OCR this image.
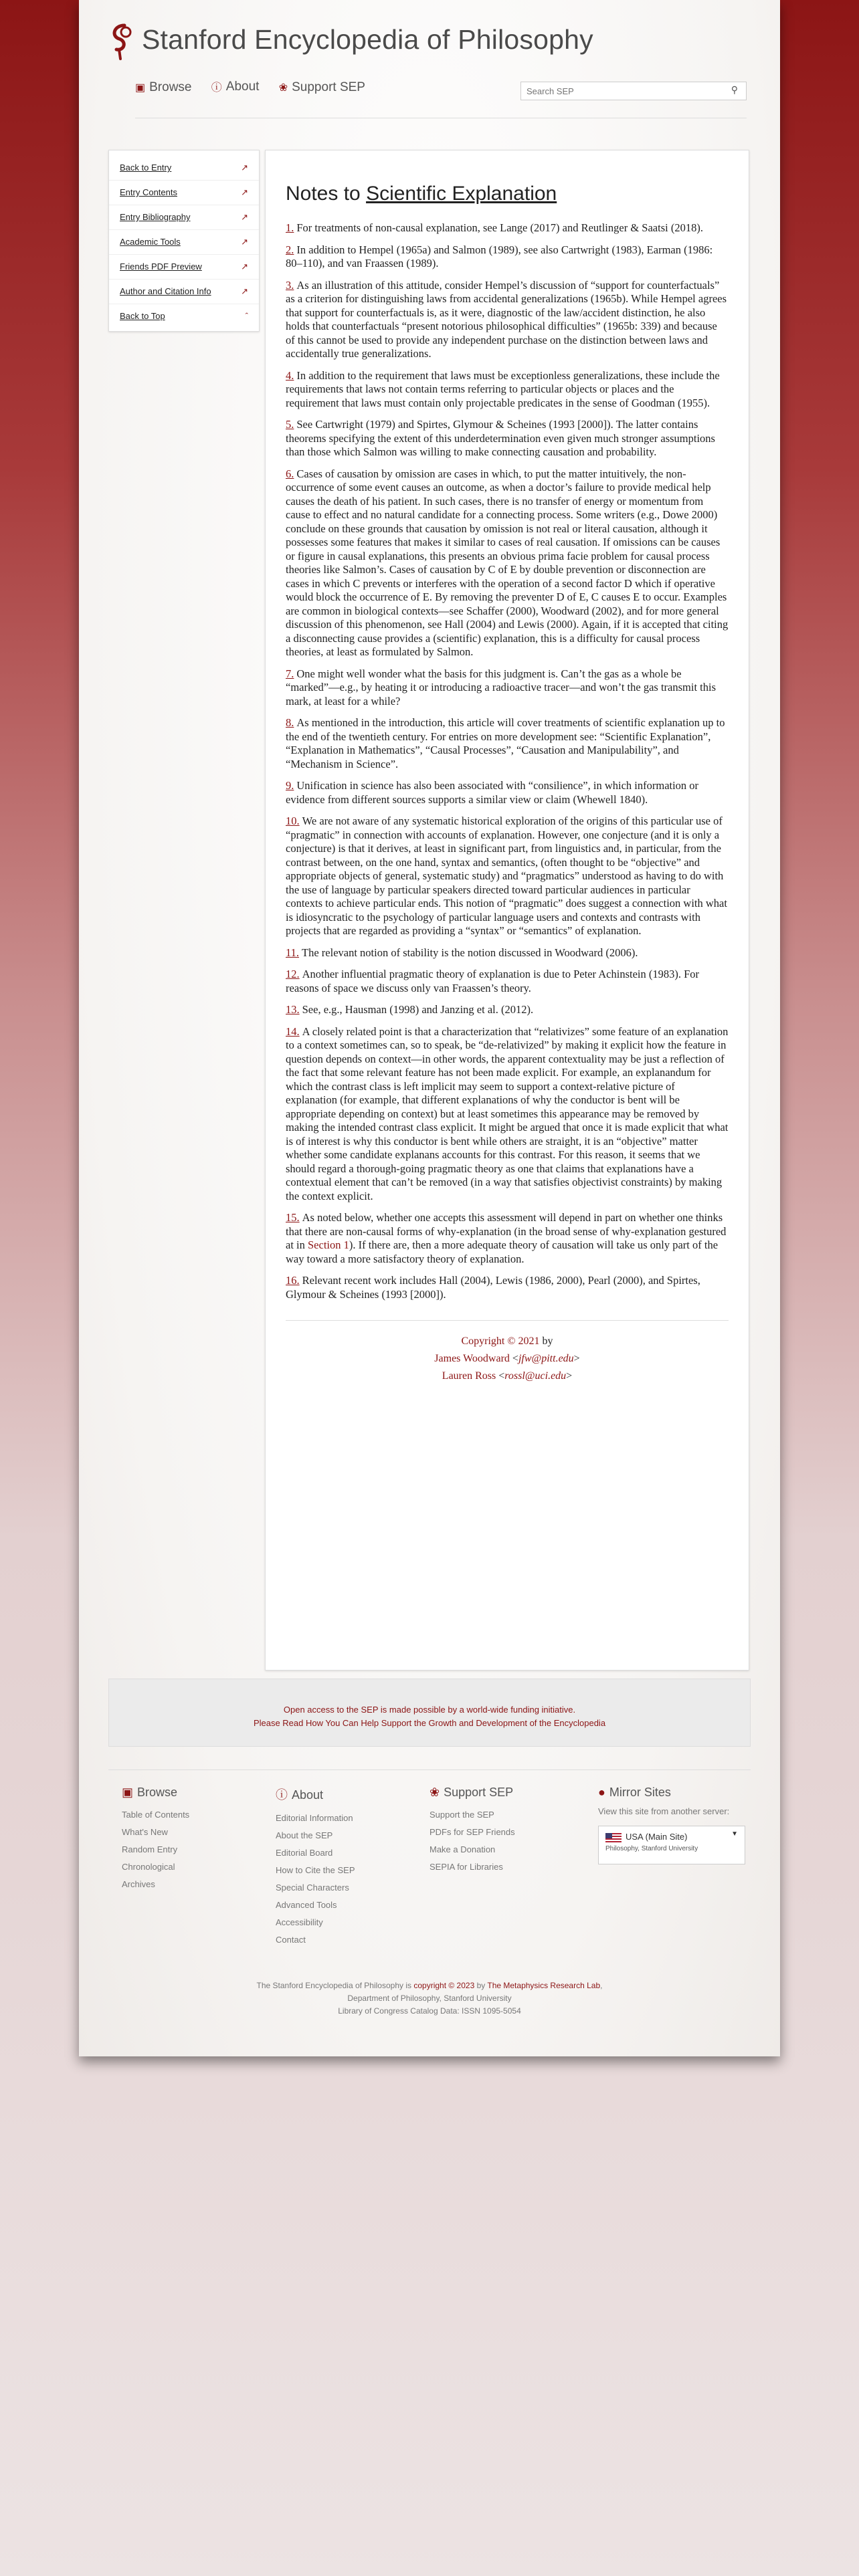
Stanford Encyclopedia of Philosophy
▣ Browse
ⓘ About
❀ Support SEP
Search SEP	⚲
Back to Entry	↗
Entry Contents	↗
Entry Bibliography	↗
Academic Tools	↗
Friends PDF Preview	↗
Author and Citation Info	↗
Back to Top	ˆ
Notes to Scientific Explanation

1. For treatments of non-causal explanation, see Lange (2017) and Reutlinger & Saatsi (2018).

2. In addition to Hempel (1965a) and Salmon (1989), see also Cartwright (1983), Earman (1986: 80–110), and van Fraassen (1989).

3. As an illustration of this attitude, consider Hempel’s discussion of “support for counterfactuals” as a criterion for distinguishing laws from accidental generalizations (1965b). While Hempel agrees that support for counterfactuals is, as it were, diagnostic of the law/accident distinction, he also holds that counterfactuals “present notorious philosophical difficulties” (1965b: 339) and because of this cannot be used to provide any independent purchase on the distinction between laws and accidentally true generalizations.

4. In addition to the requirement that laws must be exceptionless generalizations, these include the requirements that laws not contain terms referring to particular objects or places and the requirement that laws must contain only projectable predicates in the sense of Goodman (1955).

5. See Cartwright (1979) and Spirtes, Glymour & Scheines (1993 [2000]). The latter contains theorems specifying the extent of this underdetermination even given much stronger assumptions than those which Salmon was willing to make connecting causation and probability.

6. Cases of causation by omission are cases in which, to put the matter intuitively, the non-occurrence of some event causes an outcome, as when a doctor’s failure to provide medical help causes the death of his patient. In such cases, there is no transfer of energy or momentum from cause to effect and no natural candidate for a connecting process. Some writers (e.g., Dowe 2000) conclude on these grounds that causation by omission is not real or literal causation, although it possesses some features that makes it similar to cases of real causation. If omissions can be causes or figure in causal explanations, this presents an obvious prima facie problem for causal process theories like Salmon’s. Cases of causation by C of E by double prevention or disconnection are cases in which C prevents or interferes with the operation of a second factor D which if operative would block the occurrence of E. By removing the preventer D of E, C causes E to occur. Examples are common in biological contexts—see Schaffer (2000), Woodward (2002), and for more general discussion of this phenomenon, see Hall (2004) and Lewis (2000). Again, if it is accepted that citing a disconnecting cause provides a (scientific) explanation, this is a difficulty for causal process theories, at least as formulated by Salmon.

7. One might well wonder what the basis for this judgment is. Can’t the gas as a whole be “marked”—e.g., by heating it or introducing a radioactive tracer—and won’t the gas transmit this mark, at least for a while?

8. As mentioned in the introduction, this article will cover treatments of scientific explanation up to the end of the twentieth century. For entries on more development see: “Scientific Explanation”, “Explanation in Mathematics”, “Causal Processes”, “Causation and Manipulability”, and “Mechanism in Science”.

9. Unification in science has also been associated with “consilience”, in which information or evidence from different sources supports a similar view or claim (Whewell 1840).

10. We are not aware of any systematic historical exploration of the origins of this particular use of “pragmatic” in connection with accounts of explanation. However, one conjecture (and it is only a conjecture) is that it derives, at least in significant part, from linguistics and, in particular, from the contrast between, on the one hand, syntax and semantics, (often thought to be “objective” and appropriate objects of general, systematic study) and “pragmatics” understood as having to do with the use of language by particular speakers directed toward particular audiences in particular contexts to achieve particular ends. This notion of “pragmatic” does suggest a connection with what is idiosyncratic to the psychology of particular language users and contexts and contrasts with projects that are regarded as providing a “syntax” or “semantics” of explanation.

11. The relevant notion of stability is the notion discussed in Woodward (2006).

12. Another influential pragmatic theory of explanation is due to Peter Achinstein (1983). For reasons of space we discuss only van Fraassen’s theory.

13. See, e.g., Hausman (1998) and Janzing et al. (2012).

14. A closely related point is that a characterization that “relativizes” some feature of an explanation to a context sometimes can, so to speak, be “de-relativized” by making it explicit how the feature in question depends on context—in other words, the apparent contextuality may be just a reflection of the fact that some relevant feature has not been made explicit. For example, an explanandum for which the contrast class is left implicit may seem to support a context-relative picture of explanation (for example, that different explanations of why the conductor is bent will be appropriate depending on context) but at least sometimes this appearance may be removed by making the intended contrast class explicit. It might be argued that once it is made explicit that what is of interest is why this conductor is bent while others are straight, it is an “objective” matter whether some candidate explanans accounts for this contrast. For this reason, it seems that we should regard a thorough-going pragmatic theory as one that claims that explanations have a contextual element that can’t be removed (in a way that satisfies objectivist constraints) by making the context explicit.

15. As noted below, whether one accepts this assessment will depend in part on whether one thinks that there are non-causal forms of why-explanation (in the broad sense of why-explanation gestured at in Section 1). If there are, then a more adequate theory of causation will take us only part of the way toward a more satisfactory theory of explanation.

16. Relevant recent work includes Hall (2004), Lewis (1986, 2000), Pearl (2000), and Spirtes, Glymour & Scheines (1993 [2000]).

Copyright © 2021 by
James Woodward <jfw@pitt.edu>
Lauren Ross <rossl@uci.edu>
Open access to the SEP is made possible by a world-wide funding initiative.
Please Read How You Can Help Support the Growth and Development of the Encyclopedia
▣ Browse
Table of Contents
What's New
Random Entry
Chronological
Archives
ⓘ About
Editorial Information
About the SEP
Editorial Board
How to Cite the SEP
Special Characters
Advanced Tools
Accessibility
Contact
❀ Support SEP
Support the SEP
PDFs for SEP Friends
Make a Donation
SEPIA for Libraries
● Mirror Sites
View this site from another server:
USA (Main Site)
Philosophy, Stanford University
▼
The Stanford Encyclopedia of Philosophy is copyright © 2023 by The Metaphysics Research Lab,
Department of Philosophy, Stanford University
Library of Congress Catalog Data: ISSN 1095-5054
